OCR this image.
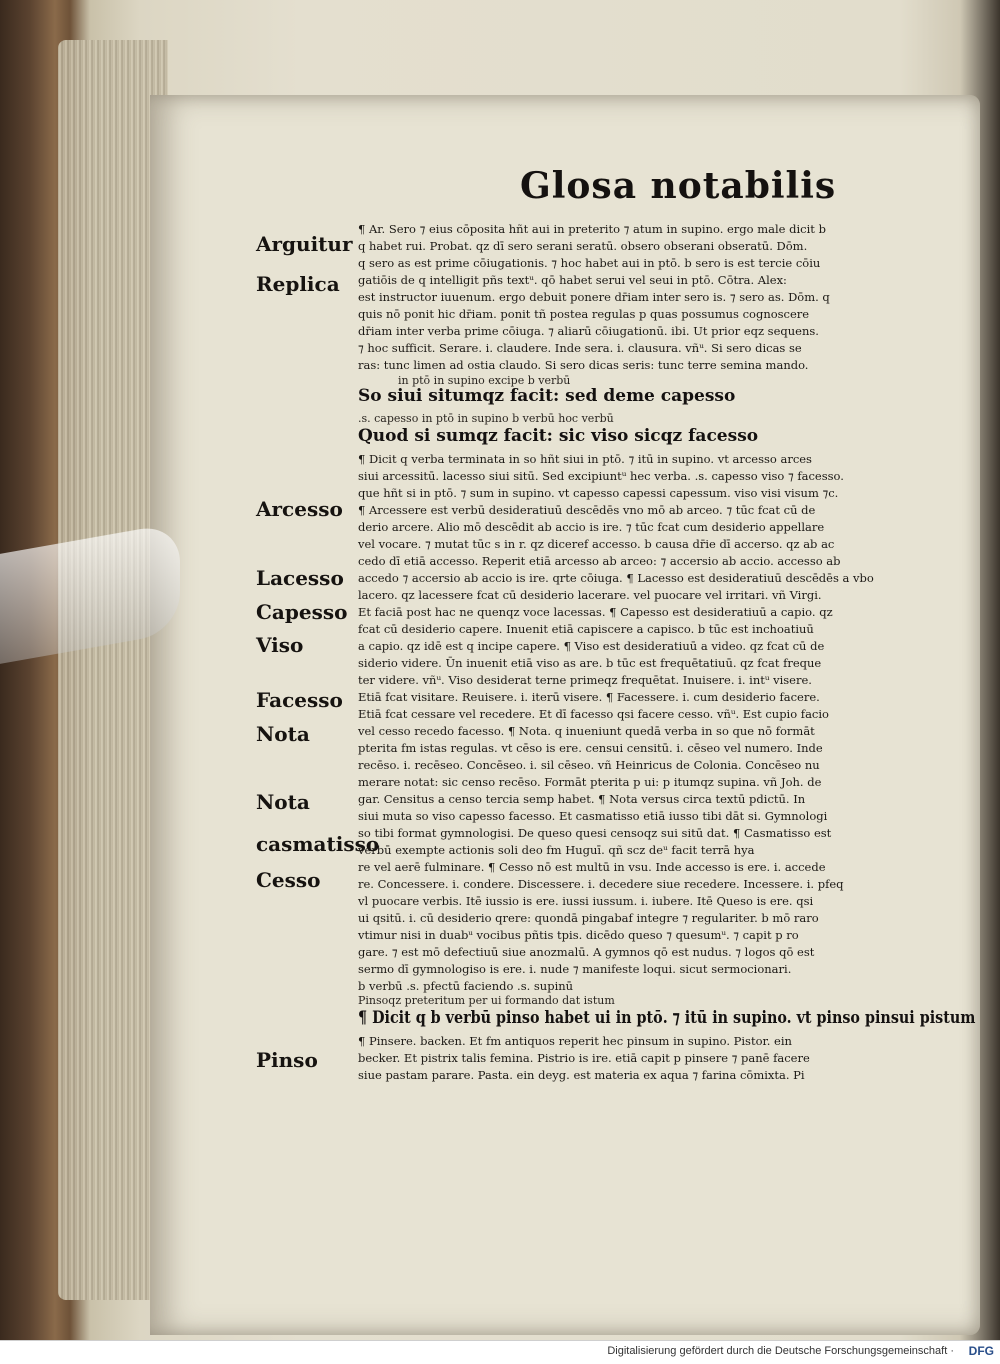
Glosa notabilis
Arguitur
Replica
Arcesso
Lacesso
Capesso
Viso
Facesso
Nota
Nota
casmatisso
Cesso
Pinso
¶ Ar. Sero ⁊ eius cōposita hñt aui in preterito ⁊ atum in supino. ergo male dicit b
q habet rui. Probat. qz dī sero serani seratū. obsero obserani obseratū. Dōm.
q sero as est prime cōiugationis. ⁊ hoc habet aui in ptō. b sero is est tercie cōiu
gatiōis de q intelligit pñs textᵘ. qō habet serui vel seui in ptō. Cōtra. Alex:
est instructor iuuenum. ergo debuit ponere dr̄iam inter sero is. ⁊ sero as. Dōm. q
quis nō ponit hic dr̄iam. ponit tñ postea regulas p quas possumus cognoscere
dr̄iam inter verba prime cōiuga. ⁊ aliarū cōiugationū. ibi. Ut prior eqz sequens.
⁊ hoc sufficit. Serare. i. claudere. Inde sera. i. clausura. vñᵘ. Si sero dicas se
ras: tunc limen ad ostia claudo. Si sero dicas seris: tunc terre semina mando.
in ptō in supino excipe b verbū
So siui situmqz facit: sed deme capesso
.s. capesso in ptō in supino b verbū hoc verbū
Quod si sumqz facit: sic viso sicqz facesso
¶ Dicit q verba terminata in so hñt siui in ptō. ⁊ itū in supino. vt arcesso arces
siui arcessitū. lacesso siui sitū. Sed excipiuntᵘ hec verba. .s. capesso viso ⁊ facesso.
que hñt si in ptō. ⁊ sum in supino. vt capesso capessi capessum. viso visi visum ⁊c.
¶ Arcessere est verbū desideratiuū descēdēs vno mō ab arceo. ⁊ tūc fcat cū de
derio arcere. Alio mō descēdit ab accio is ire. ⁊ tūc fcat cum desiderio appellare
vel vocare. ⁊ mutat tūc s in r. qz diceref accesso. b causa dr̄ie dī accerso. qz ab ac
cedo dī etiā accesso. Reperit etiā arcesso ab arceo: ⁊ accersio ab accio. accesso ab
accedo ⁊ accersio ab accio is ire. qrte cōiuga. ¶ Lacesso est desideratiuū descēdēs a vbo
lacero. qz lacessere fcat cū desiderio lacerare. vel puocare vel irritari. vñ Virgi.
Et faciā post hac ne quenqz voce lacessas. ¶ Capesso est desideratiuū a capio. qz
fcat cū desiderio capere. Inuenit etiā capiscere a capisco. b tūc est inchoatiuū
a capio. qz idē est q incipe capere. ¶ Viso est desideratiuū a video. qz fcat cū de
siderio videre. Ūn inuenit etiā viso as are. b tūc est frequētatiuū. qz fcat freque
ter videre. vñᵘ. Viso desiderat terne primeqz frequētat. Inuisere. i. intᵘ visere.
Etiā fcat visitare. Reuisere. i. iterū visere. ¶ Facessere. i. cum desiderio facere.
Etiā fcat cessare vel recedere. Et dī facesso qsi facere cesso. vñᵘ. Est cupio facio
vel cesso recedo facesso. ¶ Nota. q inueniunt quedā verba in so que nō formāt
pterita fm istas regulas. vt cēso is ere. censui censitū. i. cēseo vel numero. Inde
recēso. i. recēseo. Concēseo. i. sil cēseo. vñ Heinricus de Colonia. Concēseo nu
merare notat: sic censo recēso. Formāt pterita p ui: p itumqz supina. vñ Joh. de
gar. Censitus a censo tercia semp habet. ¶ Nota versus circa textū pdictū. In
siui muta so viso capesso facesso. Et casmatisso etiā iusso tibi dāt si. Gymnologi
so tibi format gymnologisi. De queso quesi censoqz sui sitū dat. ¶ Casmatisso est
verbū exempte actionis soli deo fm Huguī. qñ scz deᵘ facit terrā hya
re vel aerē fulminare. ¶ Cesso nō est multū in vsu. Inde accesso is ere. i. accede
re. Concessere. i. condere. Discessere. i. decedere siue recedere. Incessere. i. pfeq
vl puocare verbis. Itē iussio is ere. iussi iussum. i. iubere. Itē Queso is ere. qsi
ui qsitū. i. cū desiderio qrere: quondā pingabaf integre ⁊ regulariter. b mō raro
vtimur nisi in duabᵘ vocibus pñtis tpis. dicēdo queso ⁊ quesumᵘ. ⁊ capit p ro
gare. ⁊ est mō defectiuū siue anozmalū. A gymnos qō est nudus. ⁊ logos qō est
sermo dī gymnologiso is ere. i. nude ⁊ manifeste loqui. sicut sermocionari.
b verbū .s. pfectū faciendo .s. supinū
Pinsoqz preteritum per ui formando dat istum
¶ Dicit q b verbū pinso habet ui in ptō. ⁊ itū in supino. vt pinso pinsui pistum
¶ Pinsere. backen. Et fm antiquos reperit hec pinsum in supino. Pistor. ein
becker. Et pistrix talis femina. Pistrio is ire. etiā capit p pinsere ⁊ panē facere
siue pastam parare. Pasta. ein deyg. est materia ex aqua ⁊ farina cōmixta. Pi
Digitalisierung gefördert durch die Deutsche Forschungsgemeinschaft · DFG
